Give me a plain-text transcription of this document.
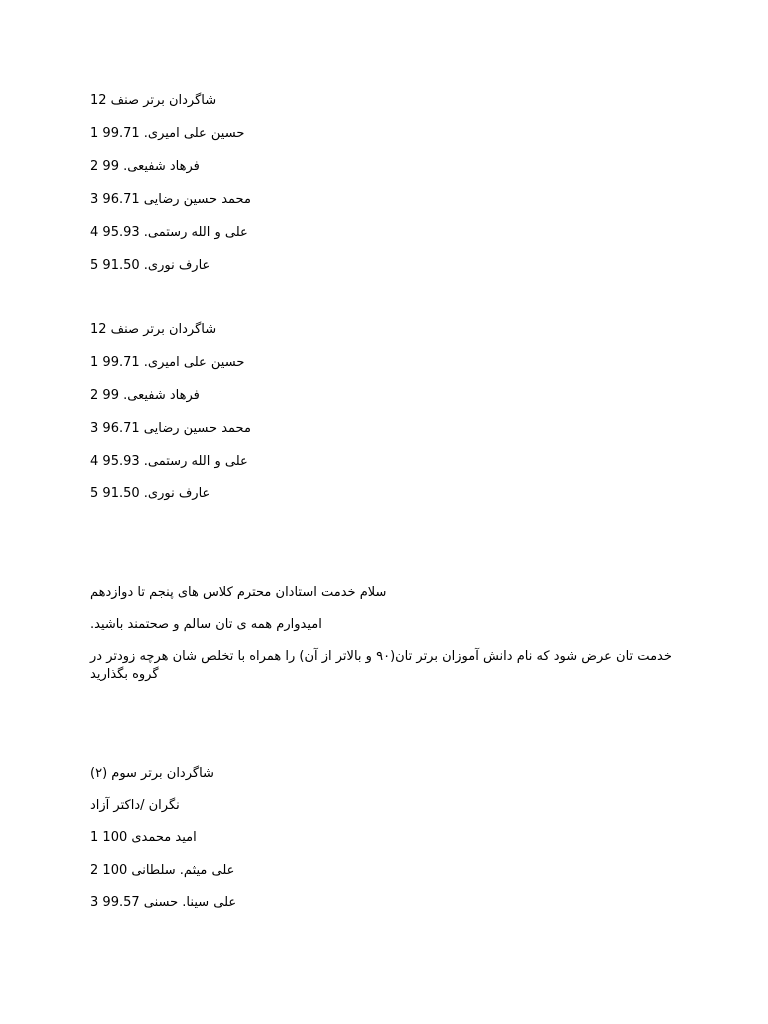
شاگردان برتر صنف 12
حسین علی امیری. 99.71 1
فرهاد شفیعی. 99 2
محمد حسین رضایی 96.71 3
علی و الله رستمی. 95.93 4
عارف نوری. 91.50 5
شاگردان برتر صنف 12
حسین علی امیری. 99.71 1
فرهاد شفیعی. 99 2
محمد حسین رضایی 96.71 3
علی و الله رستمی. 95.93 4
عارف نوری. 91.50 5
سلام خدمت استادان محترم کلاس های پنجم تا دوازدهم
امیدوارم همه ی تان سالم و صحتمند باشید.
خدمت تان عرض شود که نام دانش آموزان برتر تان(۹۰ و بالاتر از آن) را همراه با تخلص شان هرچه زودتر در گروه بگذارید
شاگردان برتر سوم (۲)
نگران /داکتر آزاد
امید محمدی 100 1
علی میثم. سلطانی 100 2
علی سینا. حسنی 99.57 3
